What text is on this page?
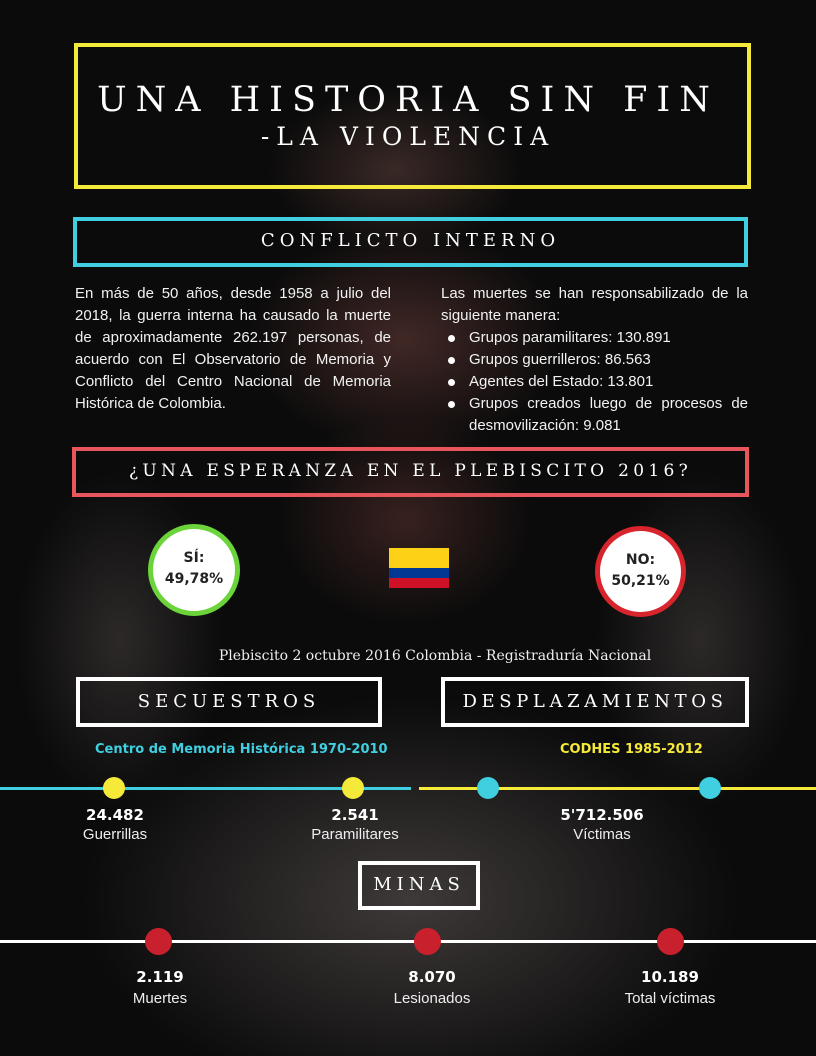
UNA HISTORIA SIN FIN
-LA VIOLENCIA
CONFLICTO INTERNO
En más de 50 años, desde 1958 a julio del 2018, la guerra interna ha causado la muerte de aproximadamente 262.197 personas, de acuerdo con El Observatorio de Memoria y Conflicto del Centro Nacional de Memoria Histórica de Colombia.
Las muertes se han responsabilizado de la siguiente manera:
Grupos paramilitares: 130.891
Grupos guerrilleros: 86.563
Agentes del Estado: 13.801
Grupos creados luego de procesos de desmovilización: 9.081
¿UNA ESPERANZA EN EL PLEBISCITO 2016?
SÍ:
49,78%
NO:
50,21%
Plebiscito 2 octubre 2016 Colombia - Registraduría Nacional
SECUESTROS	DESPLAZAMIENTOS
Centro de Memoria Histórica 1970-2010	CODHES 1985-2012
24.482
Guerrillas
2.541
Paramilitares
5'712.506
Víctimas
MINAS
2.119
Muertes
8.070
Lesionados
10.189
Total víctimas
